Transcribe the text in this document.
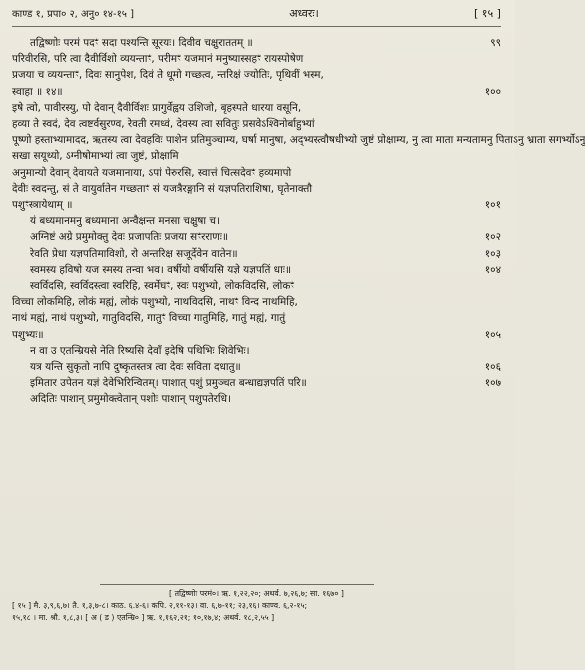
काण्ड १, प्रपा० २, अनु० १४-१५ ]	अध्वरः।	[ १५ ]
तद्विष्णोः परमं पदꣳ सदा पश्यन्ति सूरयः। दिवीव चक्षुराततम् ॥	९९
परिवीरसि, परि त्वा दैवीर्विशो व्ययन्ताꣳ, परीमꣳ यजमानं मनुष्यास्सहꣳ रायस्पोषेण
प्रजया च व्ययन्ताꣳ, दिवः सानुपेश, दिवं ते धूमो गच्छत्व, न्तरिक्षं ज्योतिः, पृथिवीं भस्म,
स्वाहा ॥ १४॥	१००
इषे त्वो, पावीरस्यु, पो देवान् दैवीर्विशः प्रागुर्वेह्वय उशिजो, बृहस्पते धारया वसूनि,
हव्या ते स्वदं, देव त्वष्टर्वसुरण्व, रेवती रमध्वं, देवस्य त्वा सवितुः प्रसवेऽश्विनोर्बाहुभ्यां
पूष्णो हस्ताभ्यामादद, ऋतस्य त्वा देवहविः पाशेन प्रतिमुञ्चाम्य, घर्षा मानुषा, अद्भ्यस्त्वौषधीभ्यो जुष्टं प्रोक्षाम्य, नु त्वा माता मन्यतामनु पिताऽनु भ्राता सगर्भ्योऽनु
सखा सयूथ्यो, ऽग्नीषोमाभ्यां त्वा जुष्टं, प्रोक्षामि
अनुमान्यो देवान् देवायते यजमानाया, ऽपां पेरुरसि, स्वात्तं चित्सदेवꣳ हव्यमापो
देवीः स्वदन्तु, सं ते वायुर्वातेन गच्छताꣳ सं यजत्रैरङ्गानि सं यज्ञपतिराशिषा, घृतेनाक्तौ
पशुꣳस्त्रायेथाम् ॥	१०१
यं बध्यमानमनु बध्यमाना अन्वैक्षन्त मनसा चक्षुषा च।
अग्निष्टं अग्रे प्रमुमोक्तु देवः प्रजापतिः प्रजया सꣳरराणः॥	१०२
रेवति प्रेधा यज्ञपतिमाविशो, रो अन्तरिक्ष सजूर्देवेन वातेन॥	१०३
स्वमस्य हविषो यज स्मस्य तन्वा भव। वर्षीयो वर्षीयसि यज्ञे यज्ञपतिं धाः॥	१०४
स्वर्विदसि, स्वर्विदस्त्वा स्वरिहि, स्वर्मेघꣳ, स्वः पशुभ्यो, लोकविदसि, लोकꣳ
विच्चा लोकमिहि, लोकं मह्यं, लोकं पशुभ्यो, नाथविदसि, नाथꣳ विन्द नाथमिहि,
नाथं मह्यं, नाथं पशुभ्यो, गातुविदसि, गातुꣳ विच्चा गातुमिहि, गातुं मह्यं, गातुं
पशुभ्यः॥	१०५
न वा उ एतन्म्रियसे नेति रिष्यसि देवाँ इदेषि पथिभिः शिवेभिः।
यत्र यन्ति सुकृतो नापि दुष्कृतस्तत्र त्वा देवः सविता दधातु॥	१०६
इमितार उपेतन यज्ञं देवेभिरिन्वितम्। पाशात् पशुं प्रमुञ्चत बन्धाद्यज्ञपतिं परि॥	१०७
अदितिः पाशान् प्रमुमोक्त्वेतान् पशोः पाशान् पशुपतेरधि।
[ तद्विष्णोः परमं०। ऋ. १,२२,२०; अथर्व. ७,२६,७; सा. १६७० ]
[ १५ ] मै. ३,९,६,७। तै. १,३,७-८। काठ. ६.४-६। कपि. २,११-१३। वा. ६,७-११; २३,१६। काण्व. ६,२-१५;
१५,१८ । मा. श्रौ. १,८,३। [ अ ( ड ) एतन्म्रि० ] ऋ. १,१६२,२१; १०,१७,४; अथर्व. १८,२,५५ ]
